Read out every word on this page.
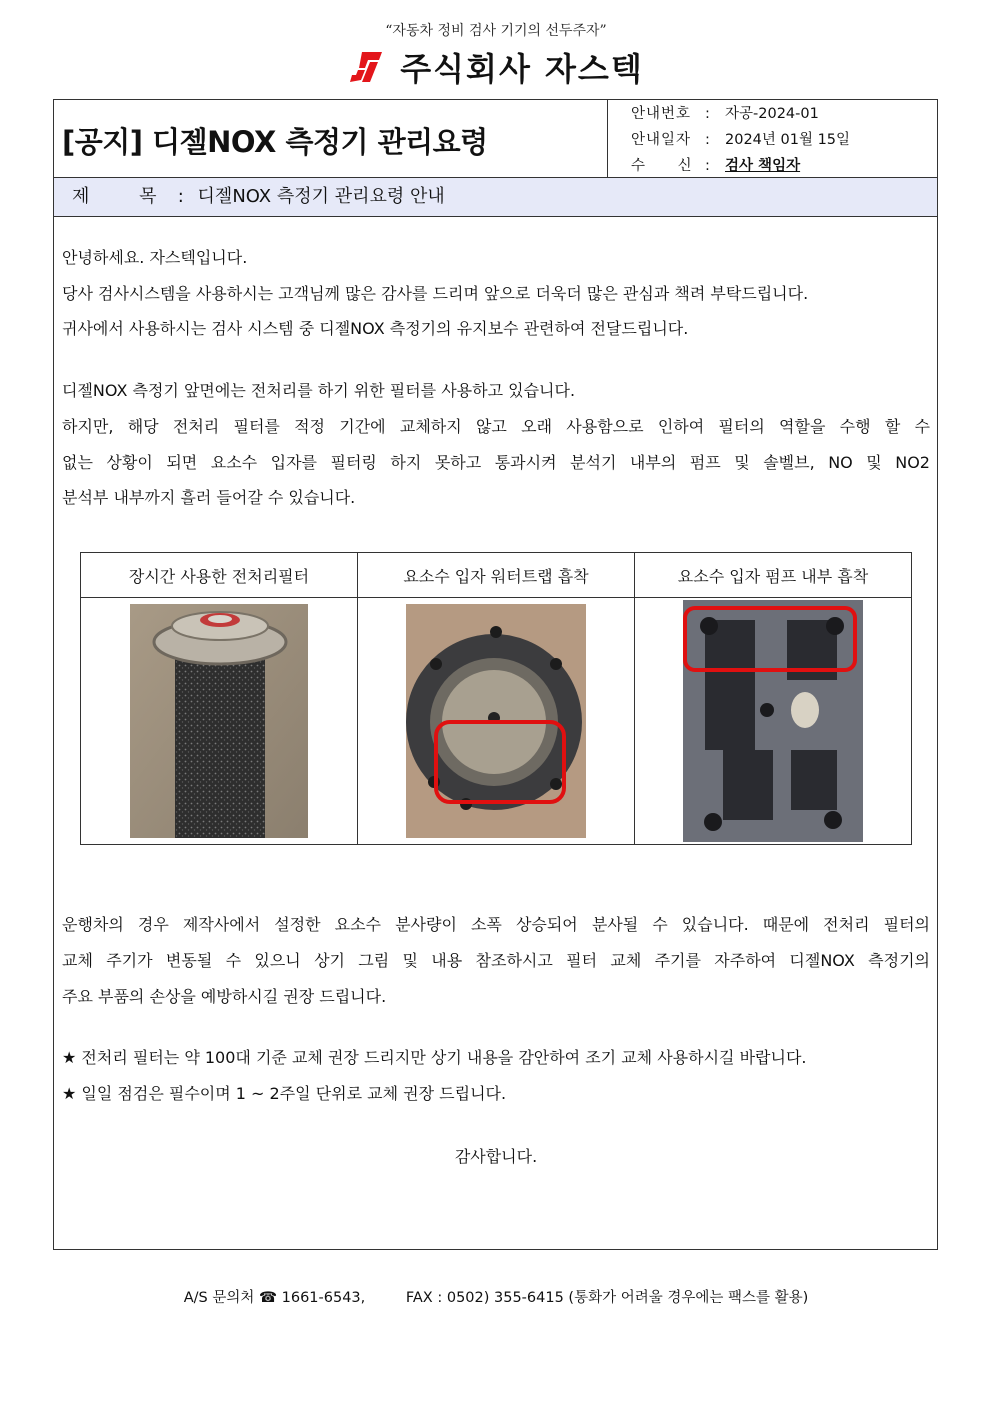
“자동차 정비 검사 기기의 선두주자”
주식회사 자스텍
[공지] 디젤NOX 측정기 관리요령
안내번호 :	자공-2024-01
안내일자 :	2024년 01월 15일
수 신 :	검사 책임자
제 목 : 디젤NOX 측정기 관리요령 안내

안녕하세요. 자스텍입니다.

당사 검사시스템을 사용하시는 고객님께 많은 감사를 드리며 앞으로 더욱더 많은 관심과 책려 부탁드립니다.

귀사에서 사용하시는 검사 시스템 중 디젤NOX 측정기의 유지보수 관련하여 전달드립니다.

디젤NOX 측정기 앞면에는 전처리를 하기 위한 필터를 사용하고 있습니다.

하지만, 해당 전처리 필터를 적정 기간에 교체하지 않고 오래 사용함으로 인하여 필터의 역할을 수행 할 수

없는 상황이 되면 요소수 입자를 필터링 하지 못하고 통과시켜 분석기 내부의 펌프 및 솔벨브, NO 및 NO2

분석부 내부까지 흘러 들어갈 수 있습니다.

장시간 사용한 전처리필터	요소수 입자 워터트랩 흡착	요소수 입자 펌프 내부 흡착

운행차의 경우 제작사에서 설정한 요소수 분사량이 소폭 상승되어 분사될 수 있습니다. 때문에 전처리 필터의

교체 주기가 변동될 수 있으니 상기 그림 및 내용 참조하시고 필터 교체 주기를 자주하여 디젤NOX 측정기의

주요 부품의 손상을 예방하시길 권장 드립니다.

★ 전처리 필터는 약 100대 기준 교체 권장 드리지만 상기 내용을 감안하여 조기 교체 사용하시길 바랍니다.

★ 일일 점검은 필수이며 1 ~ 2주일 단위로 교체 권장 드립니다.

감사합니다.

A/S 문의처 ☎ 1661-6543,	FAX : 0502) 355-6415 (통화가 어려울 경우에는 팩스를 활용)
